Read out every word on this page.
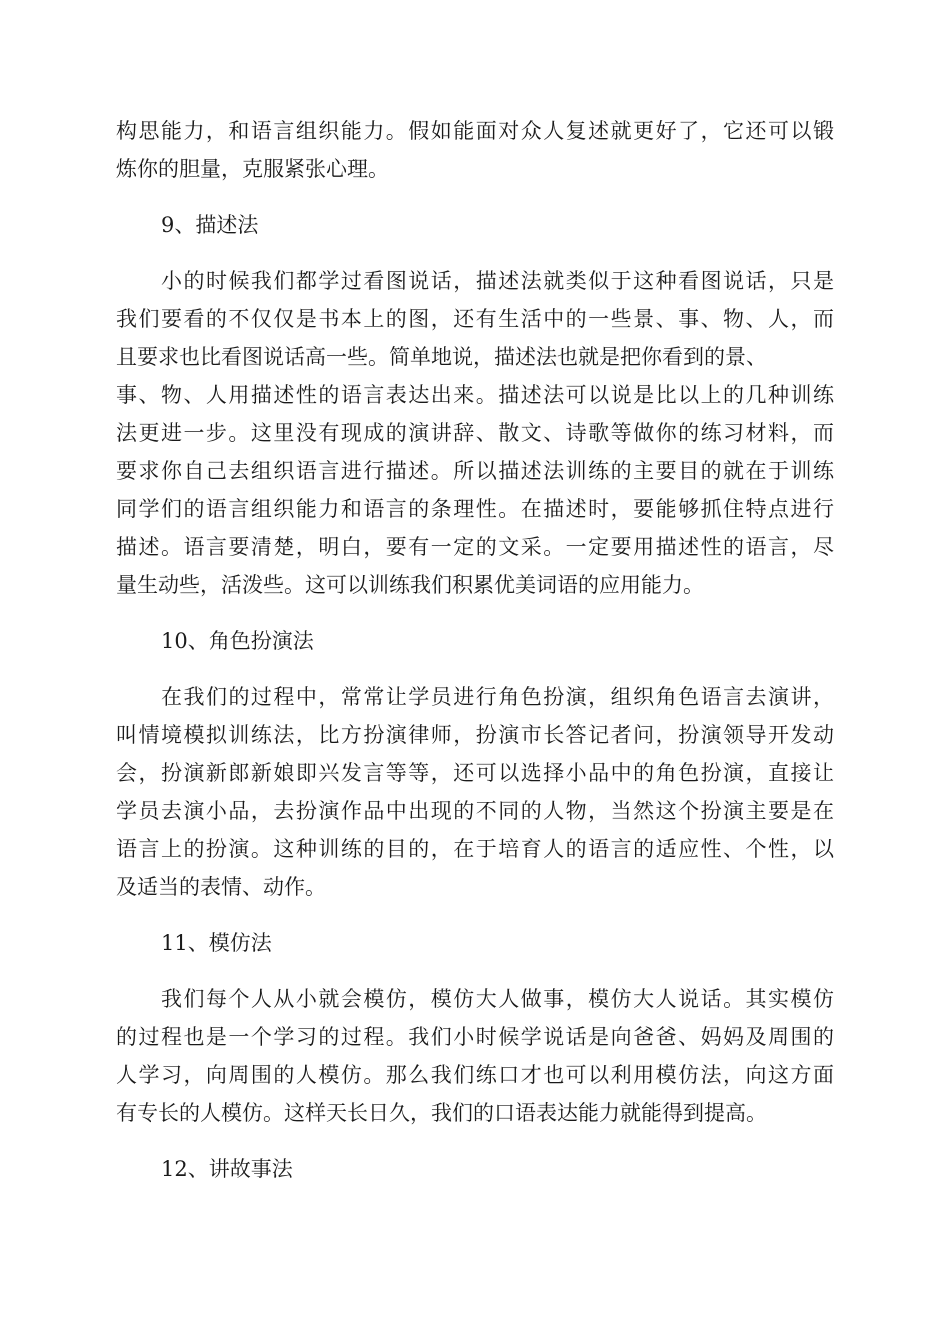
构思能力，和语言组织能力。假如能面对众人复述就更好了，它还可以锻
炼你的胆量，克服紧张心理。
9、描述法
小的时候我们都学过看图说话，描述法就类似于这种看图说话，只是
我们要看的不仅仅是书本上的图，还有生活中的一些景、事、物、人，而
且要求也比看图说话高一些。简单地说，描述法也就是把你看到的景、
事、物、人用描述性的语言表达出来。描述法可以说是比以上的几种训练
法更进一步。这里没有现成的演讲辞、散文、诗歌等做你的练习材料，而
要求你自己去组织语言进行描述。所以描述法训练的主要目的就在于训练
同学们的语言组织能力和语言的条理性。在描述时，要能够抓住特点进行
描述。语言要清楚，明白，要有一定的文采。一定要用描述性的语言，尽
量生动些，活泼些。这可以训练我们积累优美词语的应用能力。
10、角色扮演法
在我们的过程中，常常让学员进行角色扮演，组织角色语言去演讲，
叫情境模拟训练法，比方扮演律师，扮演市长答记者问，扮演领导开发动
会，扮演新郎新娘即兴发言等等，还可以选择小品中的角色扮演，直接让
学员去演小品，去扮演作品中出现的不同的人物，当然这个扮演主要是在
语言上的扮演。这种训练的目的，在于培育人的语言的适应性、个性，以
及适当的表情、动作。
11、模仿法
我们每个人从小就会模仿，模仿大人做事，模仿大人说话。其实模仿
的过程也是一个学习的过程。我们小时候学说话是向爸爸、妈妈及周围的
人学习，向周围的人模仿。那么我们练口才也可以利用模仿法，向这方面
有专长的人模仿。这样天长日久，我们的口语表达能力就能得到提高。
12、讲故事法
